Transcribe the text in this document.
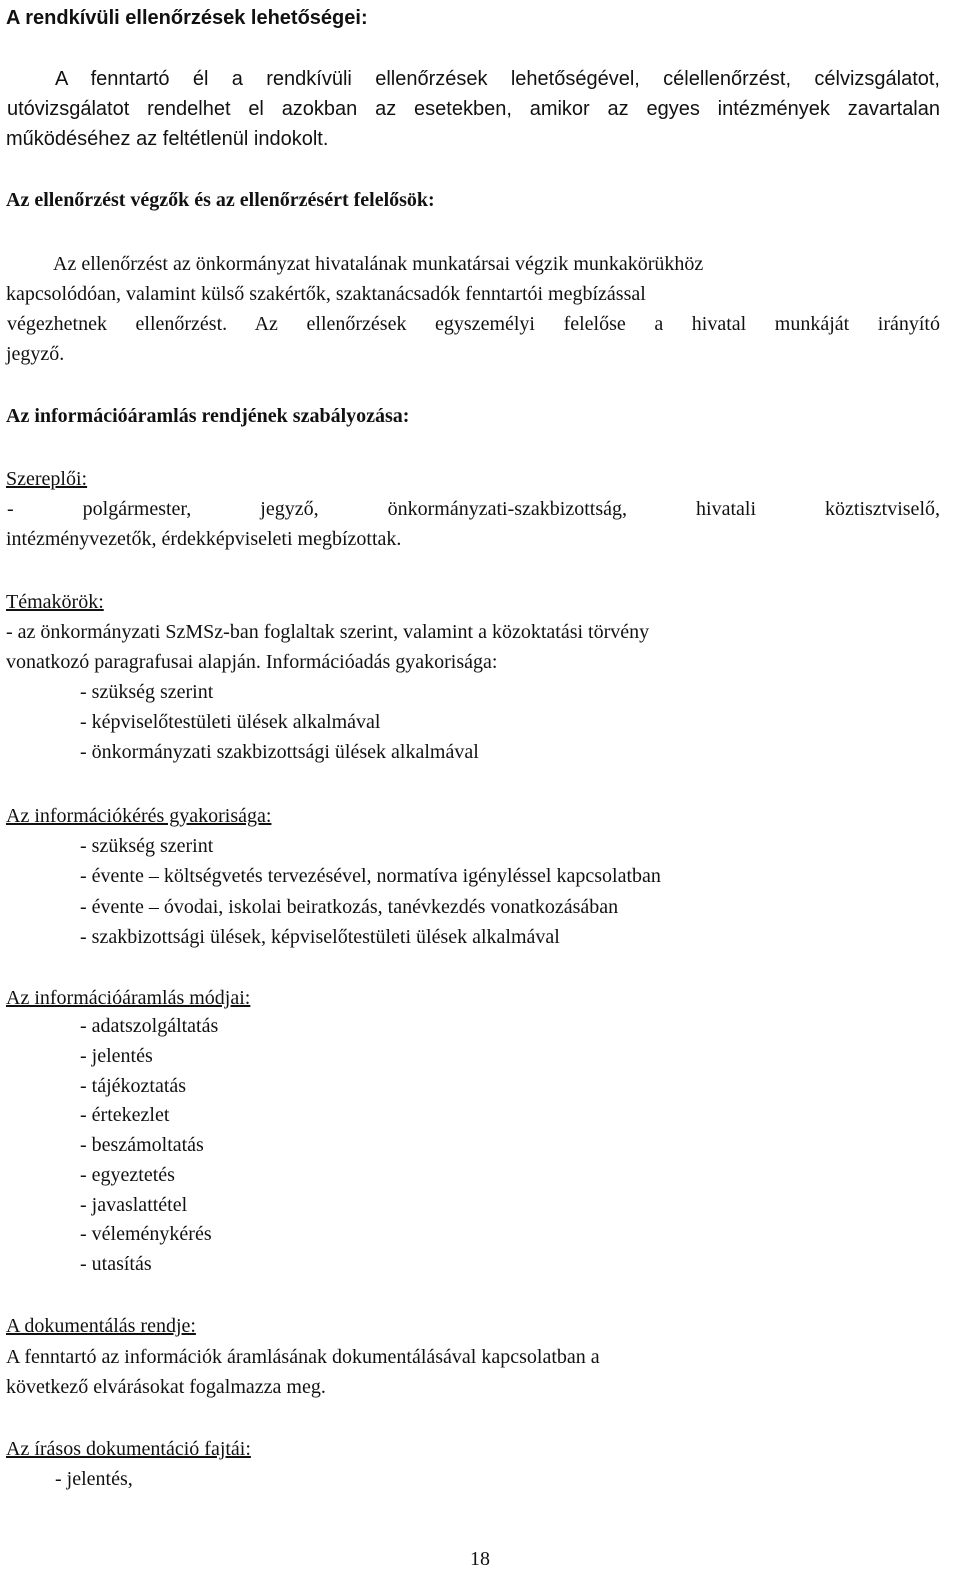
A rendkívüli ellenőrzések lehetőségei:
A fenntartó él a rendkívüli ellenőrzések lehetőségével, célellenőrzést, célvizsgálatot,
utóvizsgálatot rendelhet el azokban az esetekben, amikor az egyes intézmények zavartalan
működéséhez az feltétlenül indokolt.
Az ellenőrzést végzők és az ellenőrzésért felelősök:
Az ellenőrzést az önkormányzat hivatalának munkatársai végzik munkakörükhöz
kapcsolódóan, valamint külső szakértők, szaktanácsadók fenntartói megbízással
végezhetnek ellenőrzést. Az ellenőrzések egyszemélyi felelőse a hivatal munkáját irányító
jegyző.
Az információáramlás rendjének szabályozása:
Szereplői:
- polgármester, jegyző, önkormányzati-szakbizottság, hivatali köztisztviselő,
intézményvezetők, érdekképviseleti megbízottak.
Témakörök:
- az önkormányzati SzMSz-ban foglaltak szerint, valamint a közoktatási törvény
vonatkozó paragrafusai alapján. Információadás gyakorisága:
- szükség szerint
- képviselőtestületi ülések alkalmával
- önkormányzati szakbizottsági ülések alkalmával
Az információkérés gyakorisága:
- szükség szerint
- évente – költségvetés tervezésével, normatíva igényléssel kapcsolatban
- évente – óvodai, iskolai beiratkozás, tanévkezdés vonatkozásában
- szakbizottsági ülések, képviselőtestületi ülések alkalmával
Az információáramlás módjai:
- adatszolgáltatás
- jelentés
- tájékoztatás
- értekezlet
- beszámoltatás
- egyeztetés
- javaslattétel
- véleménykérés
- utasítás
A dokumentálás rendje:
A fenntartó az információk áramlásának dokumentálásával kapcsolatban a
következő elvárásokat fogalmazza meg.
Az írásos dokumentáció fajtái:
- jelentés,
18
